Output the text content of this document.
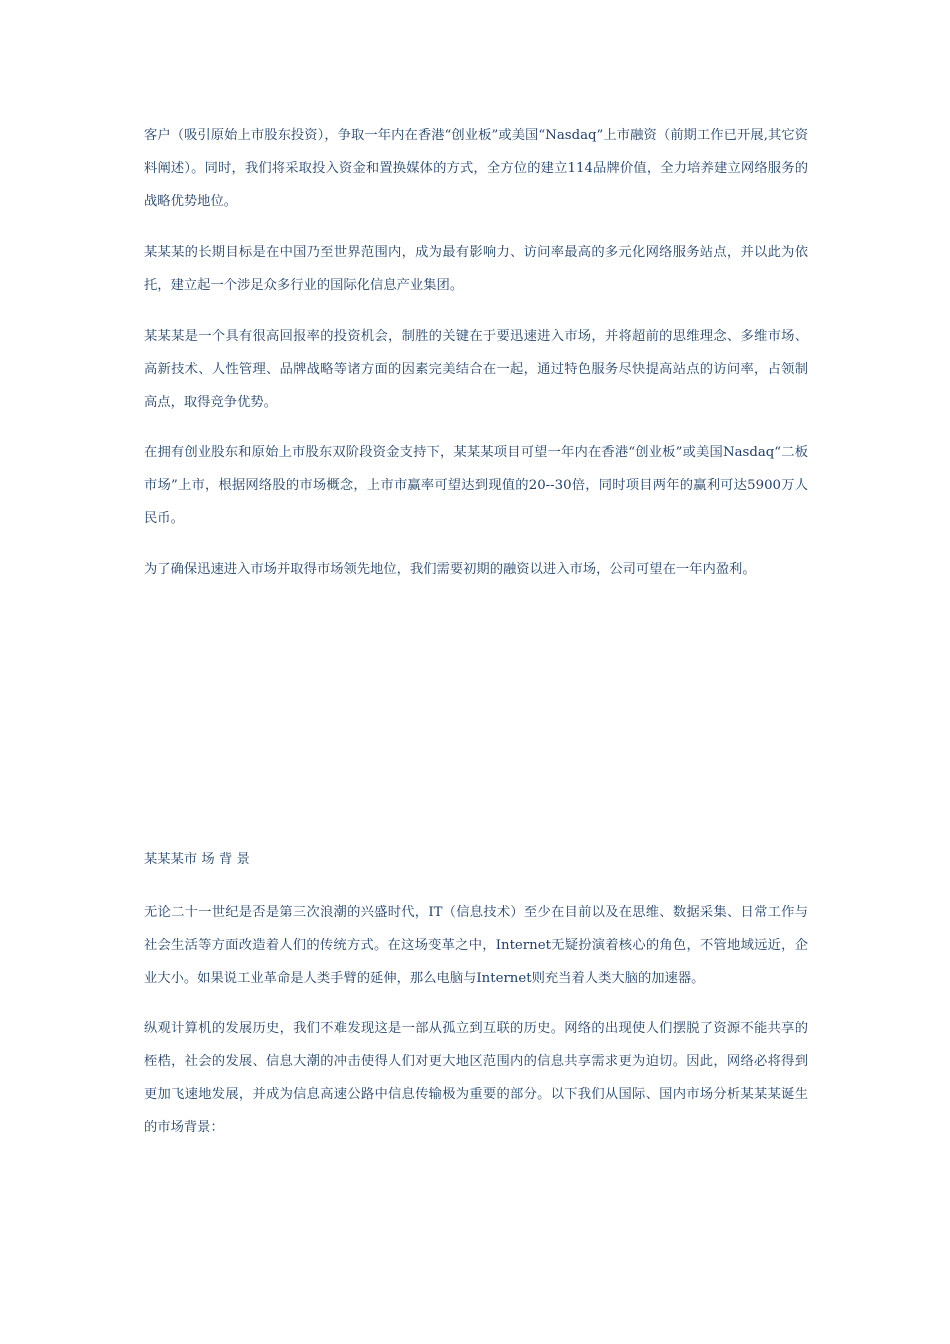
客户（吸引原始上市股东投资），争取一年内在香港“创业板”或美国“Nasdaq”上市融资（前期工作已开展,其它资料阐述）。同时，我们将采取投入资金和置换媒体的方式，全方位的建立114品牌价值，全力培养建立网络服务的战略优势地位。

某某某的长期目标是在中国乃至世界范围内，成为最有影响力、访问率最高的多元化网络服务站点，并以此为依托，建立起一个涉足众多行业的国际化信息产业集团。

某某某是一个具有很高回报率的投资机会，制胜的关键在于要迅速进入市场，并将超前的思维理念、多维市场、高新技术、人性管理、品牌战略等诸方面的因素完美结合在一起，通过特色服务尽快提高站点的访问率，占领制高点，取得竞争优势。

在拥有创业股东和原始上市股东双阶段资金支持下，某某某项目可望一年内在香港“创业板”或美国Nasdaq“二板市场”上市，根据网络股的市场概念，上市市赢率可望达到现值的20--30倍，同时项目两年的赢利可达5900万人民币。

为了确保迅速进入市场并取得市场领先地位，我们需要初期的融资以进入市场，公司可望在一年内盈利。

某某某市 场 背 景

无论二十一世纪是否是第三次浪潮的兴盛时代，IT（信息技术）至少在目前以及在思维、数据采集、日常工作与社会生活等方面改造着人们的传统方式。在这场变革之中，Internet无疑扮演着核心的角色，不管地域远近，企业大小。如果说工业革命是人类手臂的延伸，那么电脑与Internet则充当着人类大脑的加速器。

纵观计算机的发展历史，我们不难发现这是一部从孤立到互联的历史。网络的出现使人们摆脱了资源不能共享的桎梏，社会的发展、信息大潮的冲击使得人们对更大地区范围内的信息共享需求更为迫切。因此，网络必将得到更加飞速地发展，并成为信息高速公路中信息传输极为重要的部分。以下我们从国际、国内市场分析某某某诞生的市场背景：
